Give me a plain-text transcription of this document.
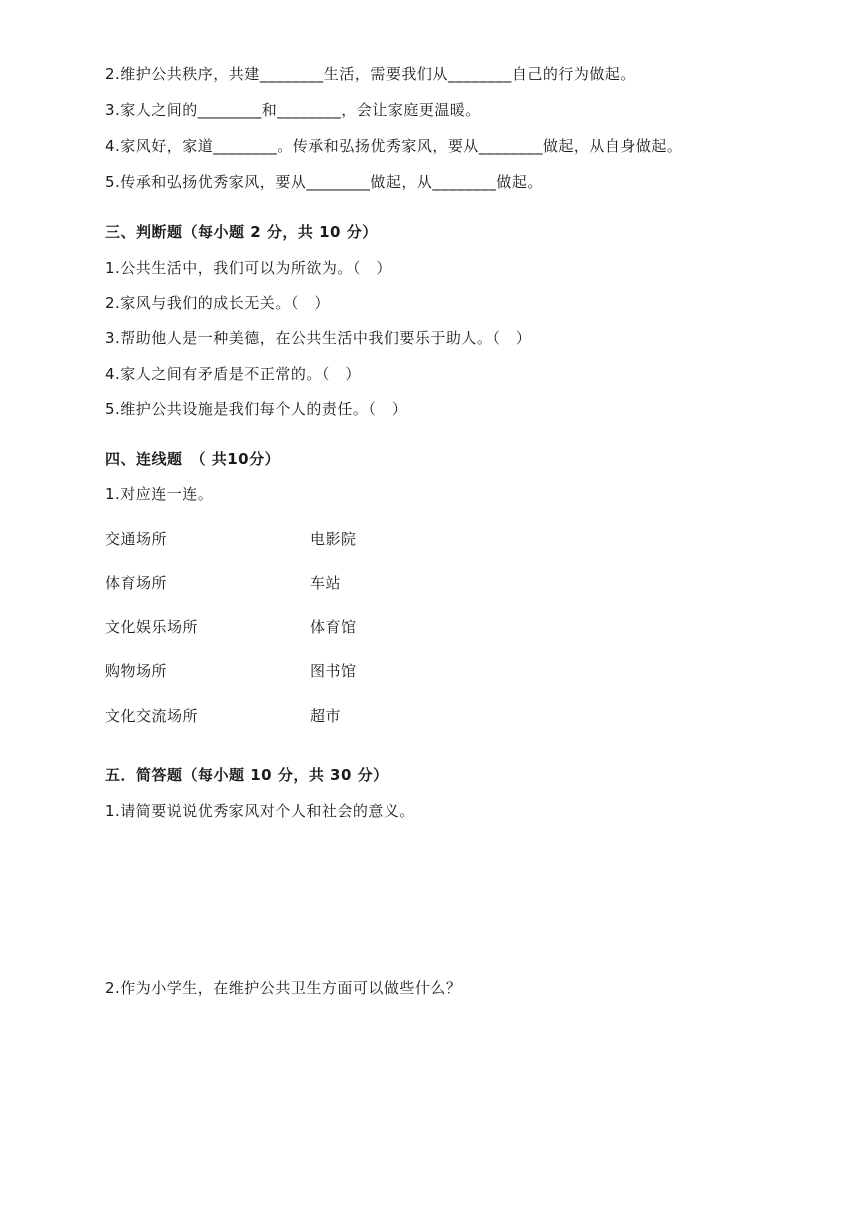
2.维护公共秩序，共建________生活，需要我们从________自己的行为做起。
3.家人之间的________和________，会让家庭更温暖。
4.家风好，家道________。传承和弘扬优秀家风，要从________做起，从自身做起。
5.传承和弘扬优秀家风，要从________做起，从________做起。
三、判断题（每小题 2 分，共 10 分）
1.公共生活中，我们可以为所欲为。（　）
2.家风与我们的成长无关。（　）
3.帮助他人是一种美德，在公共生活中我们要乐于助人。（　）
4.家人之间有矛盾是不正常的。（　）
5.维护公共设施是我们每个人的责任。（　）
四、连线题　（ 共10分）
1.对应连一连。
交通场所	电影院
体育场所	车站
文化娱乐场所	体育馆
购物场所	图书馆
文化交流场所	超市
五．简答题（每小题 10 分，共 30 分）
1.请简要说说优秀家风对个人和社会的意义。
2.作为小学生，在维护公共卫生方面可以做些什么？
